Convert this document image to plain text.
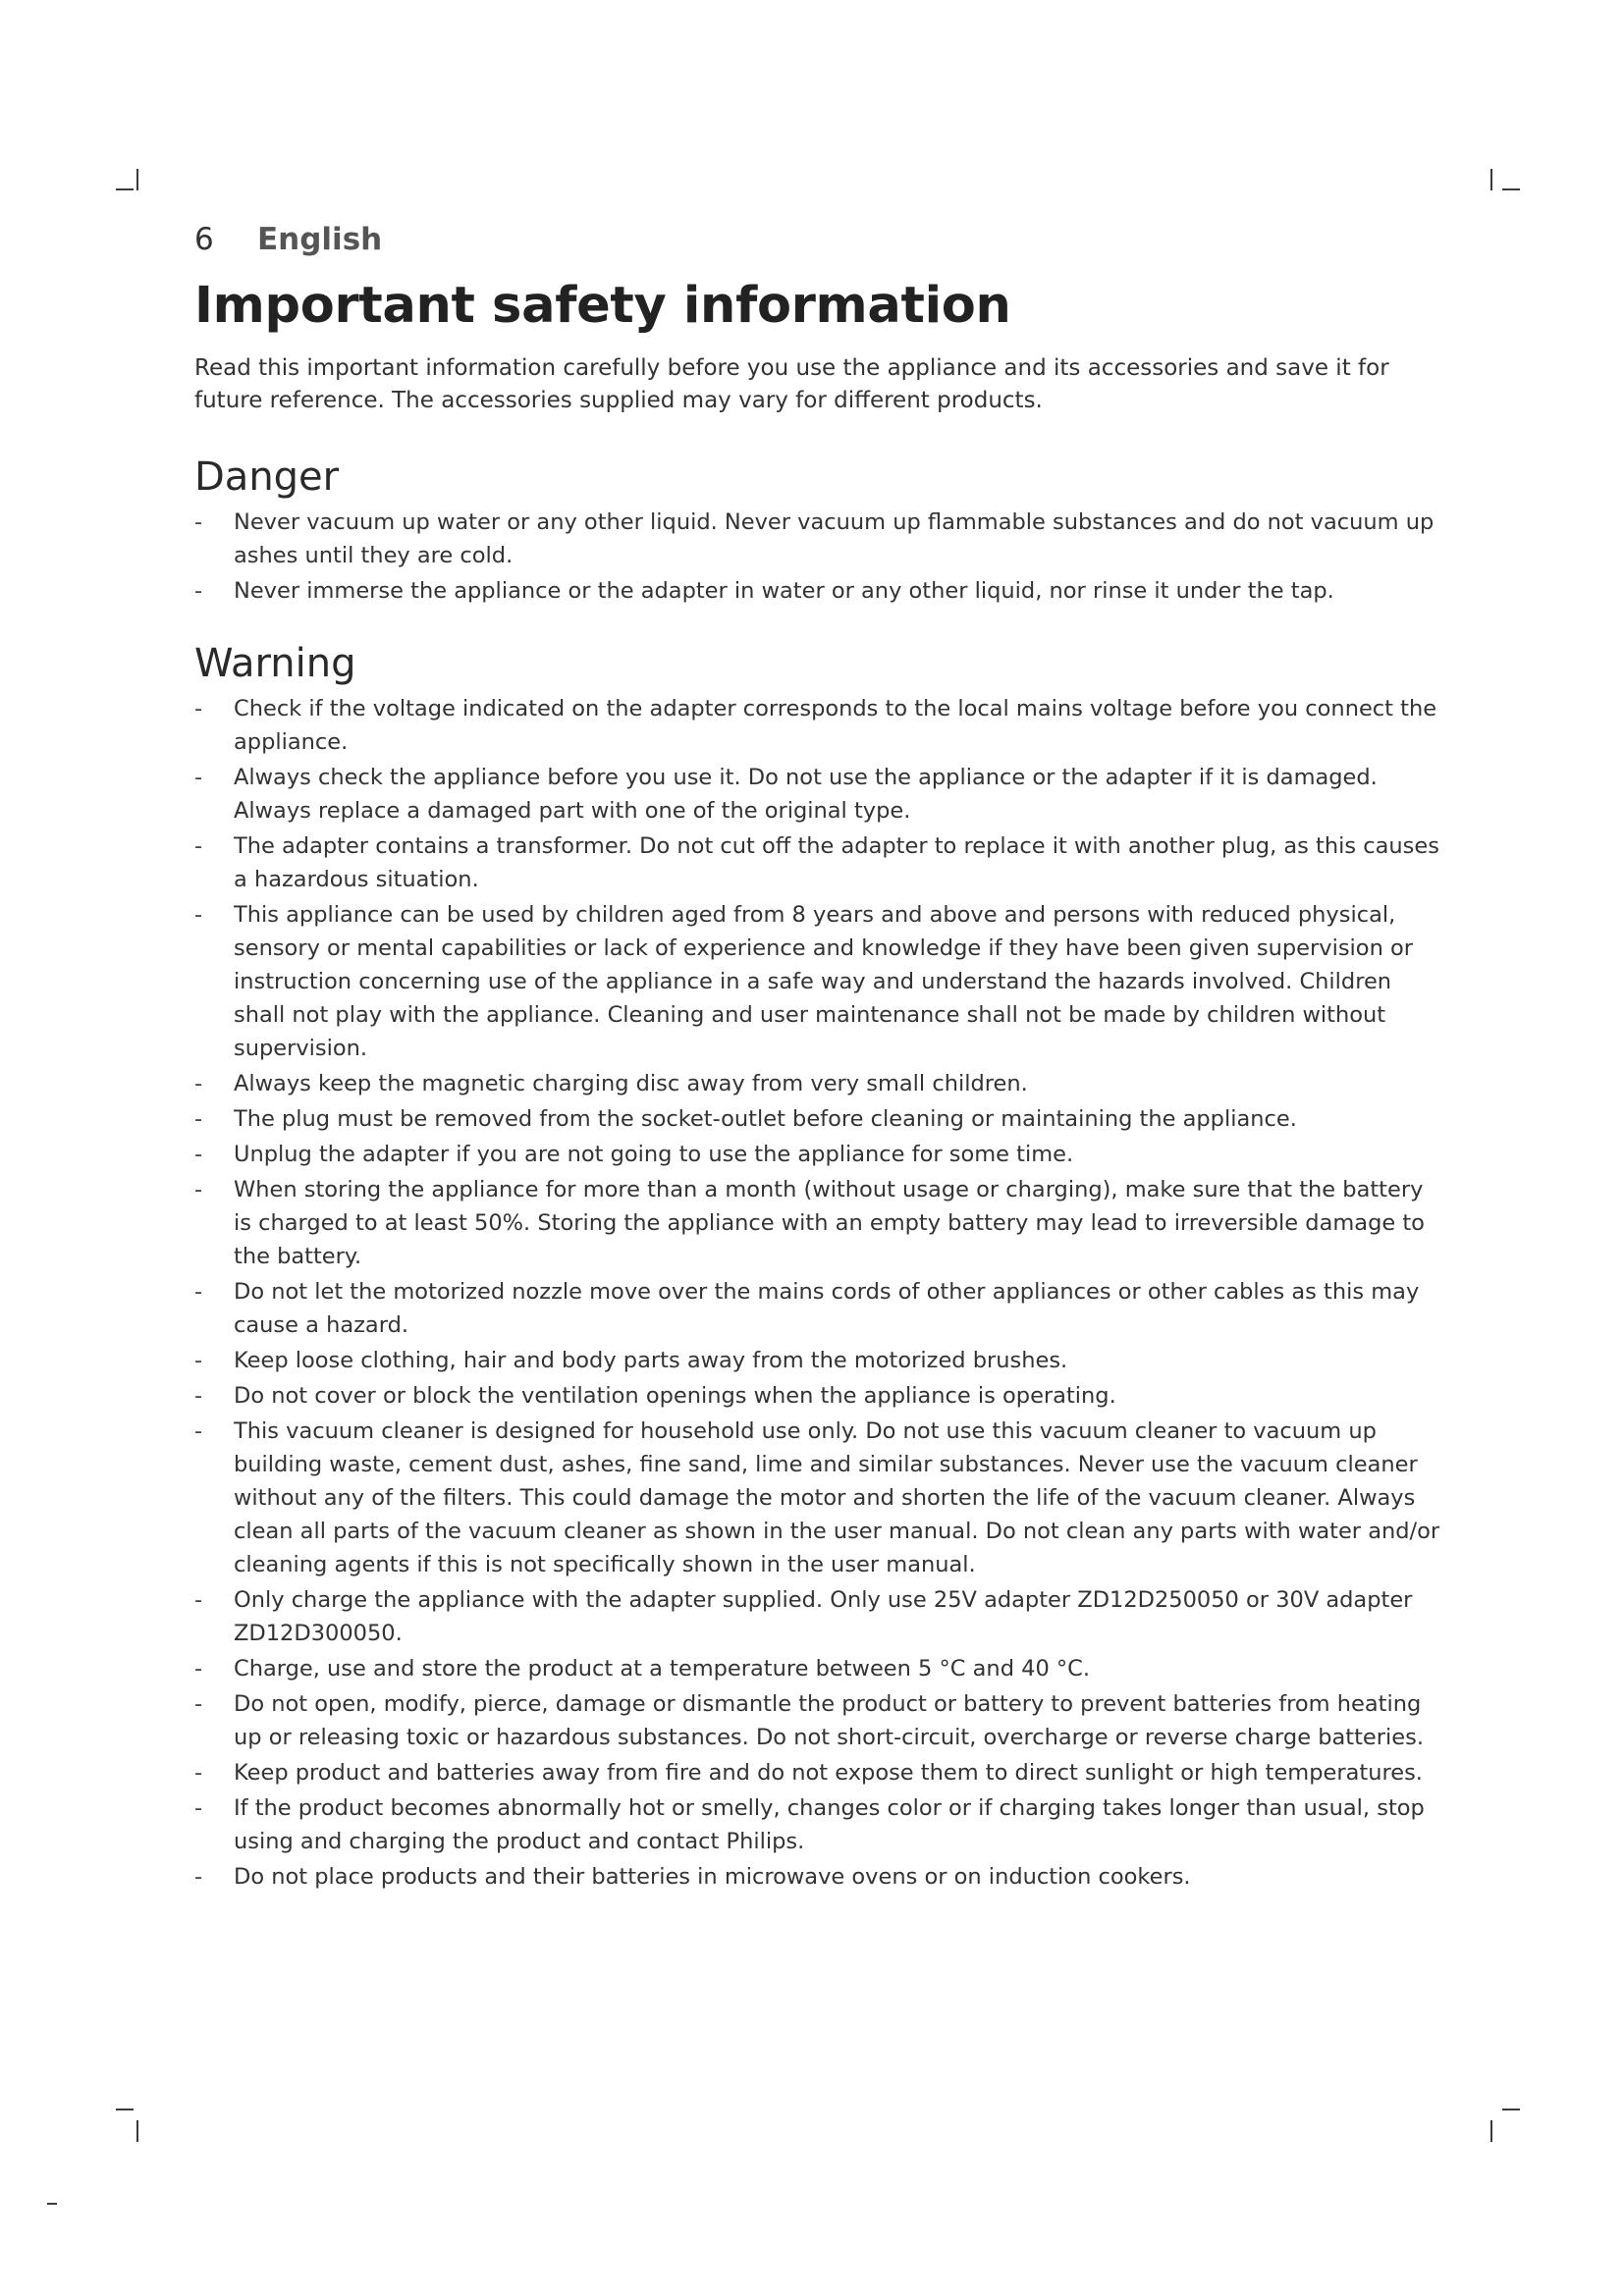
6	English
Important safety information

Read this important information carefully before you use the appliance and its accessories and save it for future reference. The accessories supplied may vary for different products.

Danger
- Never vacuum up water or any other liquid. Never vacuum up flammable substances and do not vacuum up ashes until they are cold.
- Never immerse the appliance or the adapter in water or any other liquid, nor rinse it under the tap.
Warning
- Check if the voltage indicated on the adapter corresponds to the local mains voltage before you connect the appliance.
- Always check the appliance before you use it. Do not use the appliance or the adapter if it is damaged. Always replace a damaged part with one of the original type.
- The adapter contains a transformer. Do not cut off the adapter to replace it with another plug, as this causes a hazardous situation.
- This appliance can be used by children aged from 8 years and above and persons with reduced physical, sensory or mental capabilities or lack of experience and knowledge if they have been given supervision or instruction concerning use of the appliance in a safe way and understand the hazards involved. Children shall not play with the appliance. Cleaning and user maintenance shall not be made by children without supervision.
- Always keep the magnetic charging disc away from very small children.
- The plug must be removed from the socket-outlet before cleaning or maintaining the appliance.
- Unplug the adapter if you are not going to use the appliance for some time.
- When storing the appliance for more than a month (without usage or charging), make sure that the battery is charged to at least 50%. Storing the appliance with an empty battery may lead to irreversible damage to the battery.
- Do not let the motorized nozzle move over the mains cords of other appliances or other cables as this may cause a hazard.
- Keep loose clothing, hair and body parts away from the motorized brushes.
- Do not cover or block the ventilation openings when the appliance is operating.
- This vacuum cleaner is designed for household use only. Do not use this vacuum cleaner to vacuum up building waste, cement dust, ashes, fine sand, lime and similar substances. Never use the vacuum cleaner without any of the filters. This could damage the motor and shorten the life of the vacuum cleaner. Always clean all parts of the vacuum cleaner as shown in the user manual. Do not clean any parts with water and/or cleaning agents if this is not specifically shown in the user manual.
- Only charge the appliance with the adapter supplied. Only use 25V adapter ZD12D250050 or 30V adapter ZD12D300050.
- Charge, use and store the product at a temperature between 5 °C and 40 °C.
- Do not open, modify, pierce, damage or dismantle the product or battery to prevent batteries from heating up or releasing toxic or hazardous substances. Do not short-circuit, overcharge or reverse charge batteries.
- Keep product and batteries away from fire and do not expose them to direct sunlight or high temperatures.
- If the product becomes abnormally hot or smelly, changes color or if charging takes longer than usual, stop using and charging the product and contact Philips.
- Do not place products and their batteries in microwave ovens or on induction cookers.
